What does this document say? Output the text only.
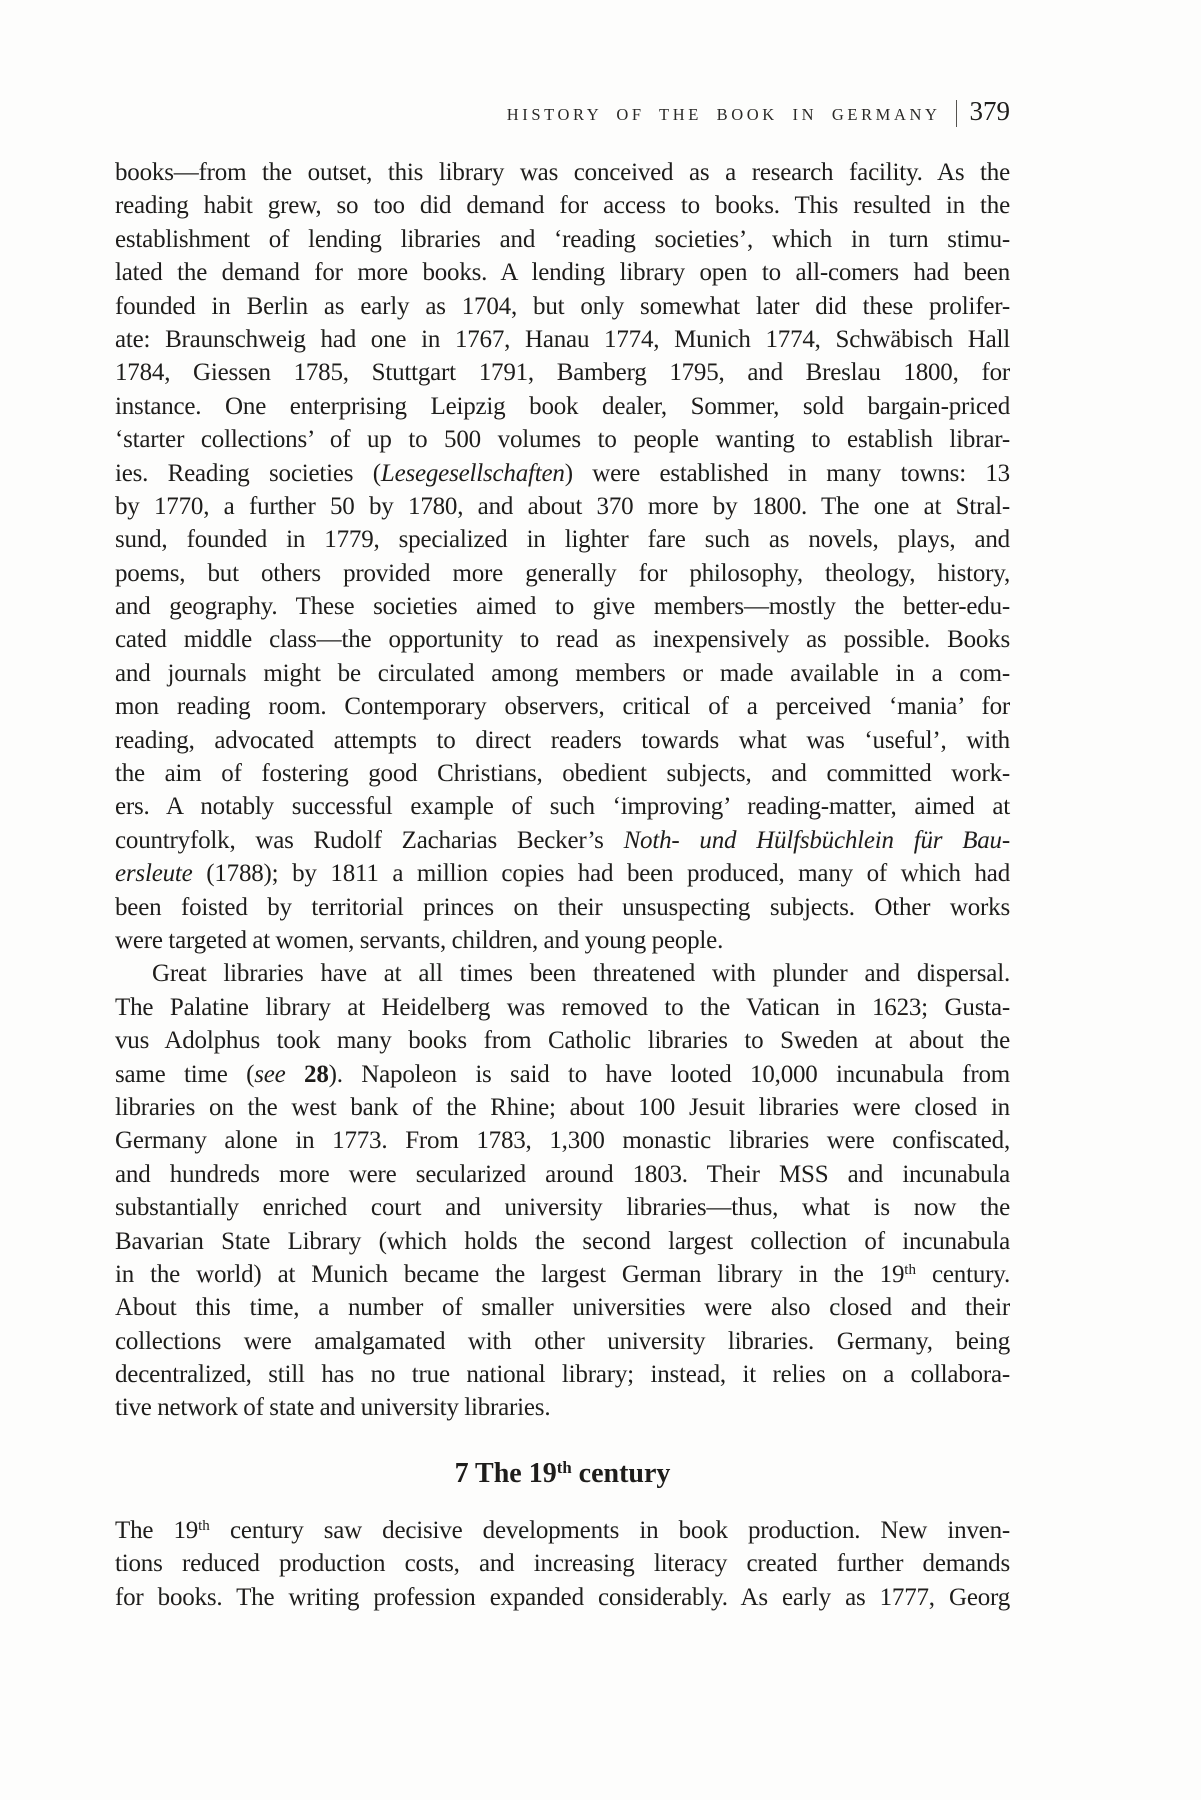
HISTORY OF THE BOOK IN GERMANY 379
books—from the outset, this library was conceived as a research facility. As the
reading habit grew, so too did demand for access to books. This resulted in the
establishment of lending libraries and ‘reading societies’, which in turn stimu-
lated the demand for more books. A lending library open to all-comers had been
founded in Berlin as early as 1704, but only somewhat later did these prolifer-
ate: Braunschweig had one in 1767, Hanau 1774, Munich 1774, Schwäbisch Hall
1784, Giessen 1785, Stuttgart 1791, Bamberg 1795, and Breslau 1800, for
instance. One enterprising Leipzig book dealer, Sommer, sold bargain-priced
‘starter collections’ of up to 500 volumes to people wanting to establish librar-
ies. Reading societies (Lesegesellschaften) were established in many towns: 13
by 1770, a further 50 by 1780, and about 370 more by 1800. The one at Stral-
sund, founded in 1779, specialized in lighter fare such as novels, plays, and
poems, but others provided more generally for philosophy, theology, history,
and geography. These societies aimed to give members—mostly the better-edu-
cated middle class—the opportunity to read as inexpensively as possible. Books
and journals might be circulated among members or made available in a com-
mon reading room. Contemporary observers, critical of a perceived ‘mania’ for
reading, advocated attempts to direct readers towards what was ‘useful’, with
the aim of fostering good Christians, obedient subjects, and committed work-
ers. A notably successful example of such ‘improving’ reading-matter, aimed at
countryfolk, was Rudolf Zacharias Becker’s Noth- und Hülfsbüchlein für Bau-
ersleute (1788); by 1811 a million copies had been produced, many of which had
been foisted by territorial princes on their unsuspecting subjects. Other works
were targeted at women, servants, children, and young people.
Great libraries have at all times been threatened with plunder and dispersal.
The Palatine library at Heidelberg was removed to the Vatican in 1623; Gusta-
vus Adolphus took many books from Catholic libraries to Sweden at about the
same time (see 28). Napoleon is said to have looted 10,000 incunabula from
libraries on the west bank of the Rhine; about 100 Jesuit libraries were closed in
Germany alone in 1773. From 1783, 1,300 monastic libraries were confiscated,
and hundreds more were secularized around 1803. Their MSS and incunabula
substantially enriched court and university libraries—thus, what is now the
Bavarian State Library (which holds the second largest collection of incunabula
in the world) at Munich became the largest German library in the 19th century.
About this time, a number of smaller universities were also closed and their
collections were amalgamated with other university libraries. Germany, being
decentralized, still has no true national library; instead, it relies on a collabora-
tive network of state and university libraries.
7 The 19th century
The 19th century saw decisive developments in book production. New inven-
tions reduced production costs, and increasing literacy created further demands
for books. The writing profession expanded considerably. As early as 1777, Georg
